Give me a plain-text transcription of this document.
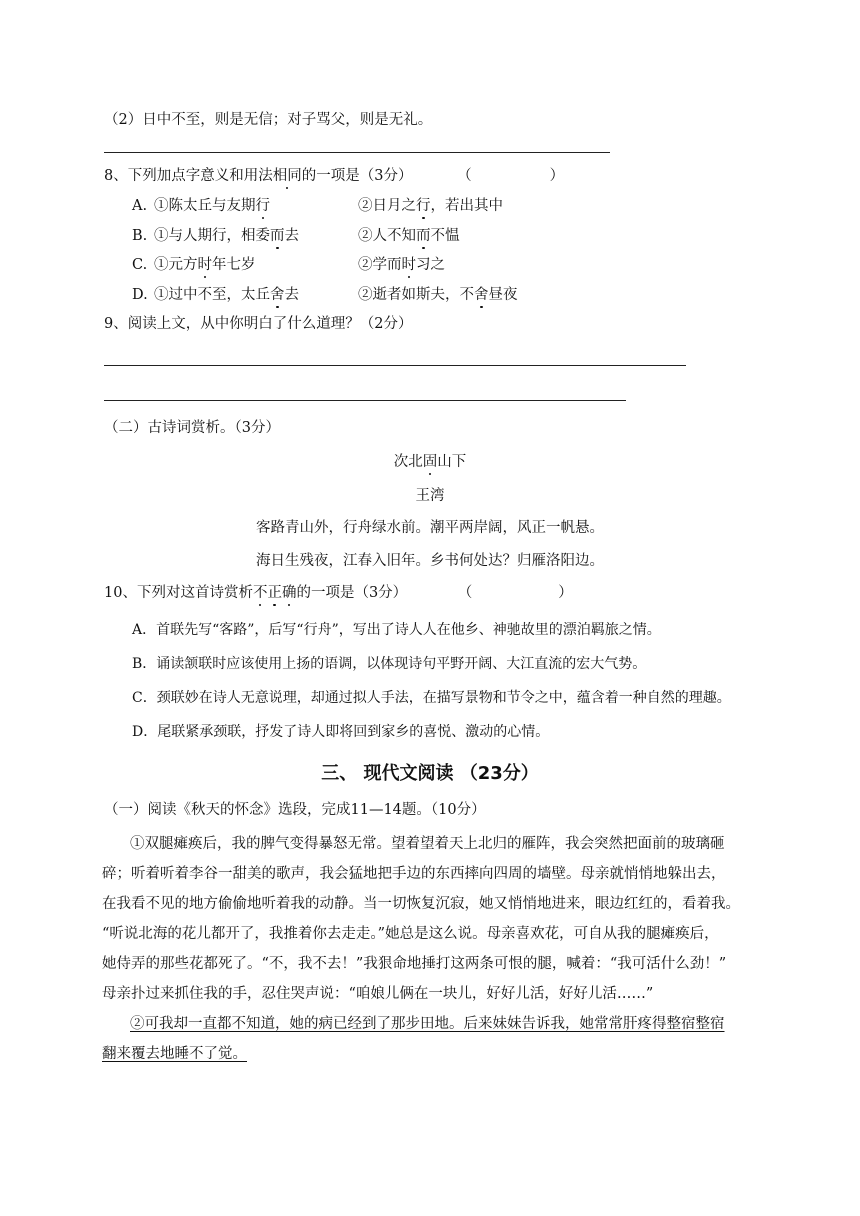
（2）日中不至，则是无信；对子骂父，则是无礼。
8、下列加点字意义和用法相同的一项是（3分）	（	）
A. ①陈太丘与友期行	②日月之行，若出其中
B. ①与人期行，相委而去	②人不知而不愠
C. ①元方时年七岁	②学而时习之
D. ①过中不至，太丘舍去	②逝者如斯夫，不舍昼夜
9、阅读上文，从中你明白了什么道理？（2分）
（二）古诗词赏析。（3分）
次北固山下
王湾
客路青山外，行舟绿水前。潮平两岸阔，风正一帆悬。
海日生残夜，江春入旧年。乡书何处达？归雁洛阳边。
10、下列对这首诗赏析不正确的一项是（3分）	（	）
A．首联先写“客路”，后写“行舟”，写出了诗人人在他乡、神驰故里的漂泊羁旅之情。
B．诵读颔联时应该使用上扬的语调，以体现诗句平野开阔、大江直流的宏大气势。
C．颈联妙在诗人无意说理，却通过拟人手法，在描写景物和节令之中，蕴含着一种自然的理趣。
D．尾联紧承颈联，抒发了诗人即将回到家乡的喜悦、激动的心情。
三、 现代文阅读 （23分）
（一）阅读《秋天的怀念》选段，完成11—14题。（10分）
①双腿瘫痪后，我的脾气变得暴怒无常。望着望着天上北归的雁阵，我会突然把面前的玻璃砸
碎；听着听着李谷一甜美的歌声，我会猛地把手边的东西摔向四周的墙壁。母亲就悄悄地躲出去，
在我看不见的地方偷偷地听着我的动静。当一切恢复沉寂，她又悄悄地进来，眼边红红的，看着我。
“听说北海的花儿都开了，我推着你去走走。”她总是这么说。母亲喜欢花，可自从我的腿瘫痪后，
她侍弄的那些花都死了。“不，我不去！”我狠命地捶打这两条可恨的腿，喊着：“我可活什么劲！”
母亲扑过来抓住我的手，忍住哭声说：“咱娘儿俩在一块儿，好好儿活，好好儿活……”
②可我却一直都不知道，她的病已经到了那步田地。后来妹妹告诉我，她常常肝疼得整宿整宿
翻来覆去地睡不了觉。
